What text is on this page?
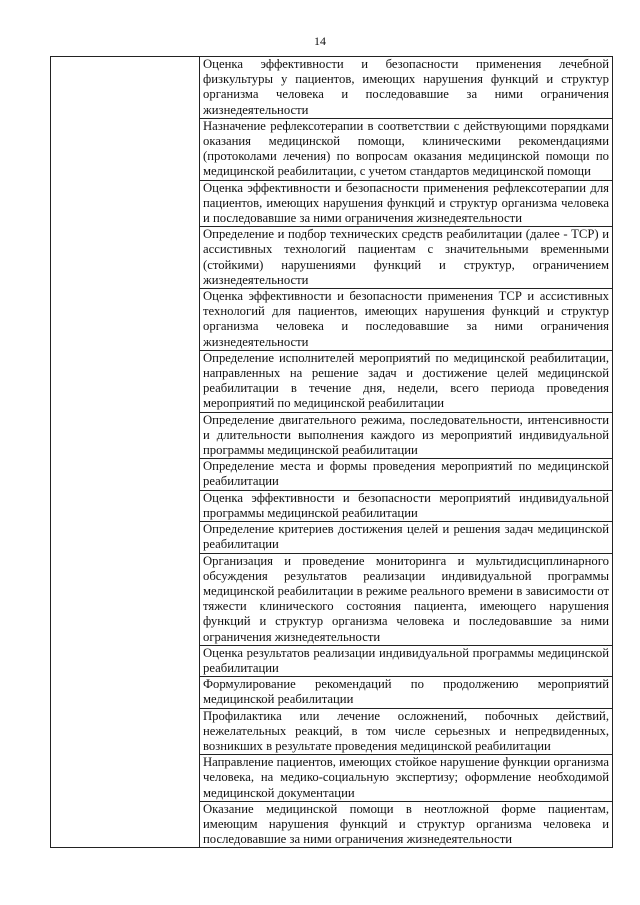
14
	Оценка эффективности и безопасности применения лечебной физкультуры у пациентов, имеющих нарушения функций и структур организма человека и последовавшие за ними ограничения жизнедеятельности
Назначение рефлексотерапии в соответствии с действующими порядками оказания медицинской помощи, клиническими рекомендациями (протоколами лечения) по вопросам оказания медицинской помощи по медицинской реабилитации, с учетом стандартов медицинской помощи
Оценка эффективности и безопасности применения рефлексотерапии для пациентов, имеющих нарушения функций и структур организма человека и последовавшие за ними ограничения жизнедеятельности
Определение и подбор технических средств реабилитации (далее - ТСР) и ассистивных технологий пациентам с значительными временными (стойкими) нарушениями функций и структур, ограничением жизнедеятельности
Оценка эффективности и безопасности применения ТСР и ассистивных технологий для пациентов, имеющих нарушения функций и структур организма человека и последовавшие за ними ограничения жизнедеятельности
Определение исполнителей мероприятий по медицинской реабилитации, направленных на решение задач и достижение целей медицинской реабилитации в течение дня, недели, всего периода проведения мероприятий по медицинской реабилитации
Определение двигательного режима, последовательности, интенсивности и длительности выполнения каждого из мероприятий индивидуальной программы медицинской реабилитации
Определение места и формы проведения мероприятий по медицинской реабилитации
Оценка эффективности и безопасности мероприятий индивидуальной программы медицинской реабилитации
Определение критериев достижения целей и решения задач медицинской реабилитации
Организация и проведение мониторинга и мультидисциплинарного обсуждения результатов реализации индивидуальной программы медицинской реабилитации в режиме реального времени в зависимости от тяжести клинического состояния пациента, имеющего нарушения функций и структур организма человека и последовавшие за ними ограничения жизнедеятельности
Оценка результатов реализации индивидуальной программы медицинской реабилитации
Формулирование рекомендаций по продолжению мероприятий медицинской реабилитации
Профилактика или лечение осложнений, побочных действий, нежелательных реакций, в том числе серьезных и непредвиденных, возникших в результате проведения медицинской реабилитации
Направление пациентов, имеющих стойкое нарушение функции организма человека, на медико-социальную экспертизу; оформление необходимой медицинской документации
Оказание медицинской помощи в неотложной форме пациентам, имеющим нарушения функций и структур организма человека и последовавшие за ними ограничения жизнедеятельности
